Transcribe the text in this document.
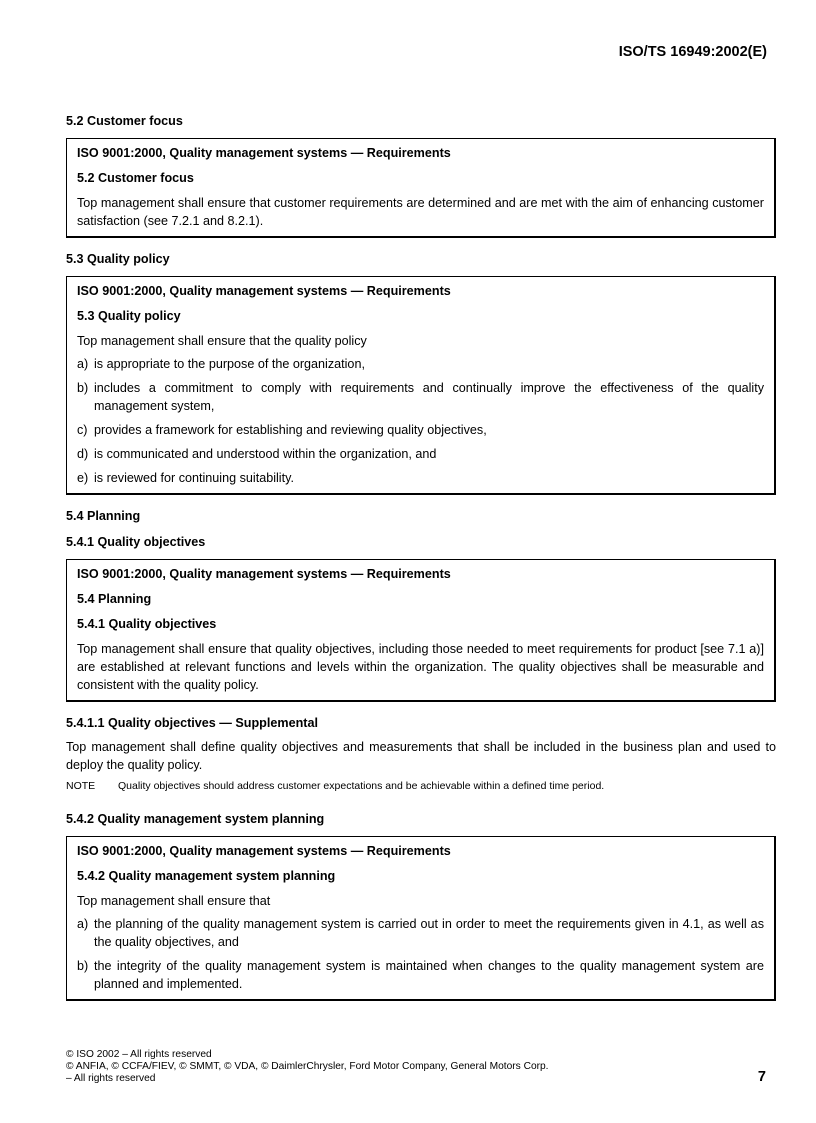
ISO/TS 16949:2002(E)

5.2 Customer focus

ISO 9001:2000, Quality management systems — Requirements

5.2 Customer focus

Top management shall ensure that customer requirements are determined and are met with the aim of enhancing customer satisfaction (see 7.2.1 and 8.2.1).

5.3 Quality policy

ISO 9001:2000, Quality management systems — Requirements

5.3 Quality policy

Top management shall ensure that the quality policy

a) is appropriate to the purpose of the organization,
b) includes a commitment to comply with requirements and continually improve the effectiveness of the quality management system,
c) provides a framework for establishing and reviewing quality objectives,
d) is communicated and understood within the organization, and
e) is reviewed for continuing suitability.

5.4 Planning

5.4.1 Quality objectives

ISO 9001:2000, Quality management systems — Requirements

5.4 Planning

5.4.1 Quality objectives

Top management shall ensure that quality objectives, including those needed to meet requirements for product [see 7.1 a)] are established at relevant functions and levels within the organization. The quality objectives shall be measurable and consistent with the quality policy.

5.4.1.1 Quality objectives — Supplemental

Top management shall define quality objectives and measurements that shall be included in the business plan and used to deploy the quality policy.

NOTE Quality objectives should address customer expectations and be achievable within a defined time period.

5.4.2 Quality management system planning

ISO 9001:2000, Quality management systems — Requirements

5.4.2 Quality management system planning

Top management shall ensure that

a) the planning of the quality management system is carried out in order to meet the requirements given in 4.1, as well as the quality objectives, and
b) the integrity of the quality management system is maintained when changes to the quality management system are planned and implemented.
© ISO 2002 – All rights reserved
© ANFIA, © CCFA/FIEV, © SMMT, © VDA, © DaimlerChrysler, Ford Motor Company, General Motors Corp.
– All rights reserved	7
